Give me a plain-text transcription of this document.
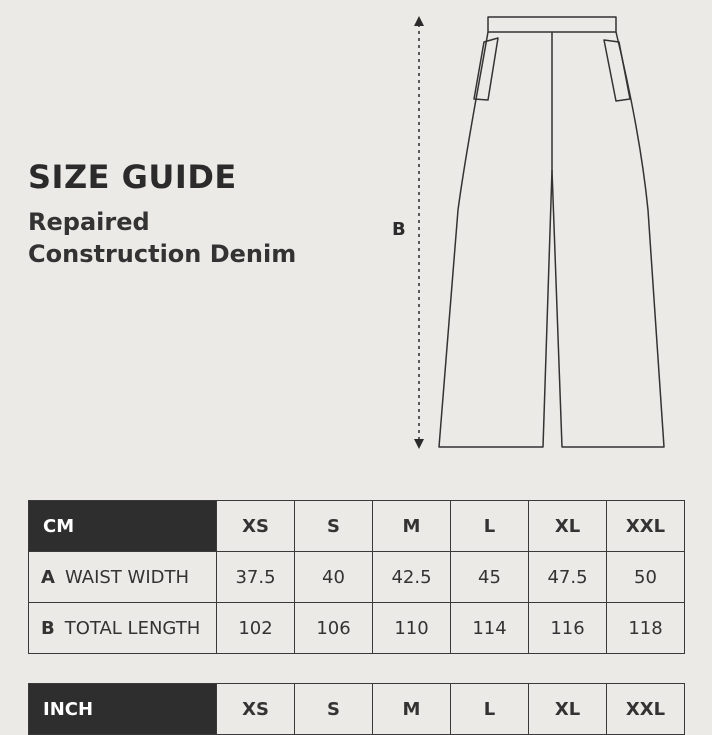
SIZE GUIDE
Repaired
Construction Denim
B
CM	XS	S	M	L	XL	XXL
A WAIST WIDTH	37.5	40	42.5	45	47.5	50
B TOTAL LENGTH	102	106	110	114	116	118
INCH	XS	S	M	L	XL	XXL
